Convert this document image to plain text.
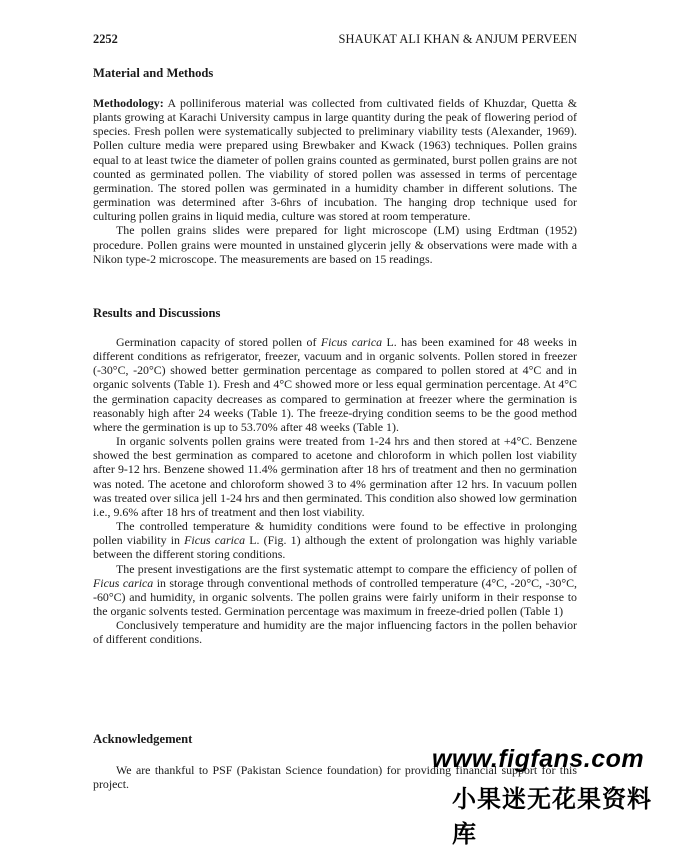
2252	SHAUKAT ALI KHAN & ANJUM PERVEEN
Material and Methods

Methodology: A polliniferous material was collected from cultivated fields of Khuzdar, Quetta & plants growing at Karachi University campus in large quantity during the peak of flowering period of species. Fresh pollen were systematically subjected to preliminary viability tests (Alexander, 1969). Pollen culture media were prepared using Brewbaker and Kwack (1963) techniques. Pollen grains equal to at least twice the diameter of pollen grains counted as germinated, burst pollen grains are not counted as germinated pollen. The viability of stored pollen was assessed in terms of percentage germination. The stored pollen was germinated in a humidity chamber in different solutions. The germination was determined after 3-6hrs of incubation. The hanging drop technique used for culturing pollen grains in liquid media, culture was stored at room temperature.

The pollen grains slides were prepared for light microscope (LM) using Erdtman (1952) procedure. Pollen grains were mounted in unstained glycerin jelly & observations were made with a Nikon type-2 microscope. The measurements are based on 15 readings.

Results and Discussions

Germination capacity of stored pollen of Ficus carica L. has been examined for 48 weeks in different conditions as refrigerator, freezer, vacuum and in organic solvents. Pollen stored in freezer (-30°C, -20°C) showed better germination percentage as compared to pollen stored at 4°C and in organic solvents (Table 1). Fresh and 4°C showed more or less equal germination percentage. At 4°C the germination capacity decreases as compared to germination at freezer where the germination is reasonably high after 24 weeks (Table 1). The freeze-drying condition seems to be the good method where the germination is up to 53.70% after 48 weeks (Table 1).

In organic solvents pollen grains were treated from 1-24 hrs and then stored at +4°C. Benzene showed the best germination as compared to acetone and chloroform in which pollen lost viability after 9-12 hrs. Benzene showed 11.4% germination after 18 hrs of treatment and then no germination was noted. The acetone and chloroform showed 3 to 4% germination after 12 hrs. In vacuum pollen was treated over silica jell 1-24 hrs and then germinated. This condition also showed low germination i.e., 9.6% after 18 hrs of treatment and then lost viability.

The controlled temperature & humidity conditions were found to be effective in prolonging pollen viability in Ficus carica L. (Fig. 1) although the extent of prolongation was highly variable between the different storing conditions.

The present investigations are the first systematic attempt to compare the efficiency of pollen of Ficus carica in storage through conventional methods of controlled temperature (4°C, -20°C, -30°C, -60°C) and humidity, in organic solvents. The pollen grains were fairly uniform in their response to the organic solvents tested. Germination percentage was maximum in freeze-dried pollen (Table 1)

Conclusively temperature and humidity are the major influencing factors in the pollen behavior of different conditions.

Acknowledgement

We are thankful to PSF (Pakistan Science foundation) for providing financial support for this project.

www.figfans.com
小果迷无花果资料库
